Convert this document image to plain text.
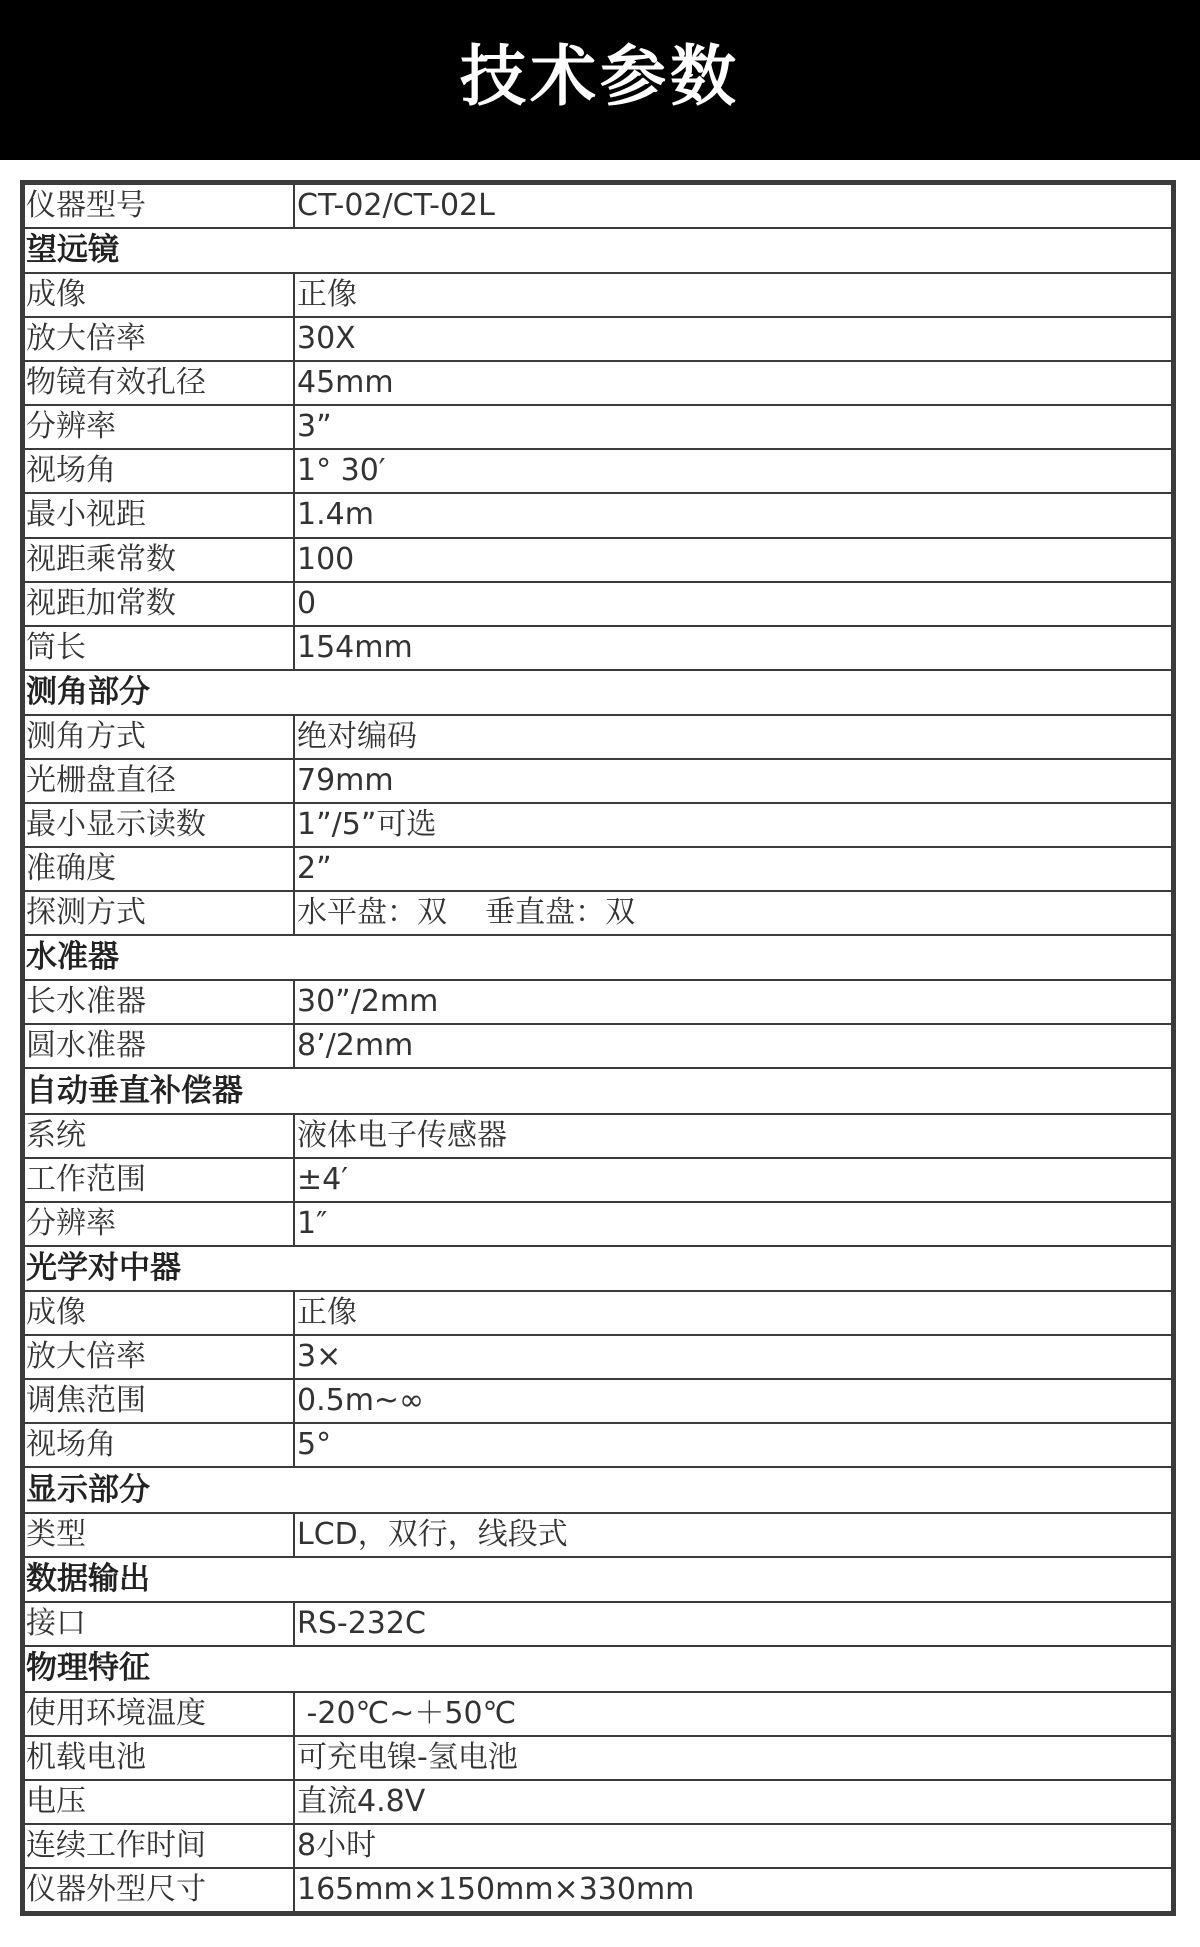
技术参数
仪器型号	CT-02/CT-02L
望远镜	
成像	正像
放大倍率	30X
物镜有效孔径	45mm
分辨率	3”
视场角	1° 30′
最小视距	1.4m
视距乘常数	100
视距加常数	0
筒长	154mm
测角部分	
测角方式	绝对编码
光栅盘直径	79mm
最小显示读数	1”/5”可选
准确度	2”
探测方式	水平盘：双    垂直盘：双
水准器	
长水准器	30”/2mm
圆水准器	8’/2mm
自动垂直补偿器	
系统	液体电子传感器
工作范围	±4′
分辨率	1″
光学对中器	
成像	正像
放大倍率	3×
调焦范围	0.5m~∞
视场角	5°
显示部分	
类型	LCD，双行，线段式
数据输出	
接口	RS-232C
物理特征	
使用环境温度	-20℃~＋50℃
机载电池	可充电镍-氢电池
电压	直流4.8V
连续工作时间	8小时
仪器外型尺寸	165mm×150mm×330mm
